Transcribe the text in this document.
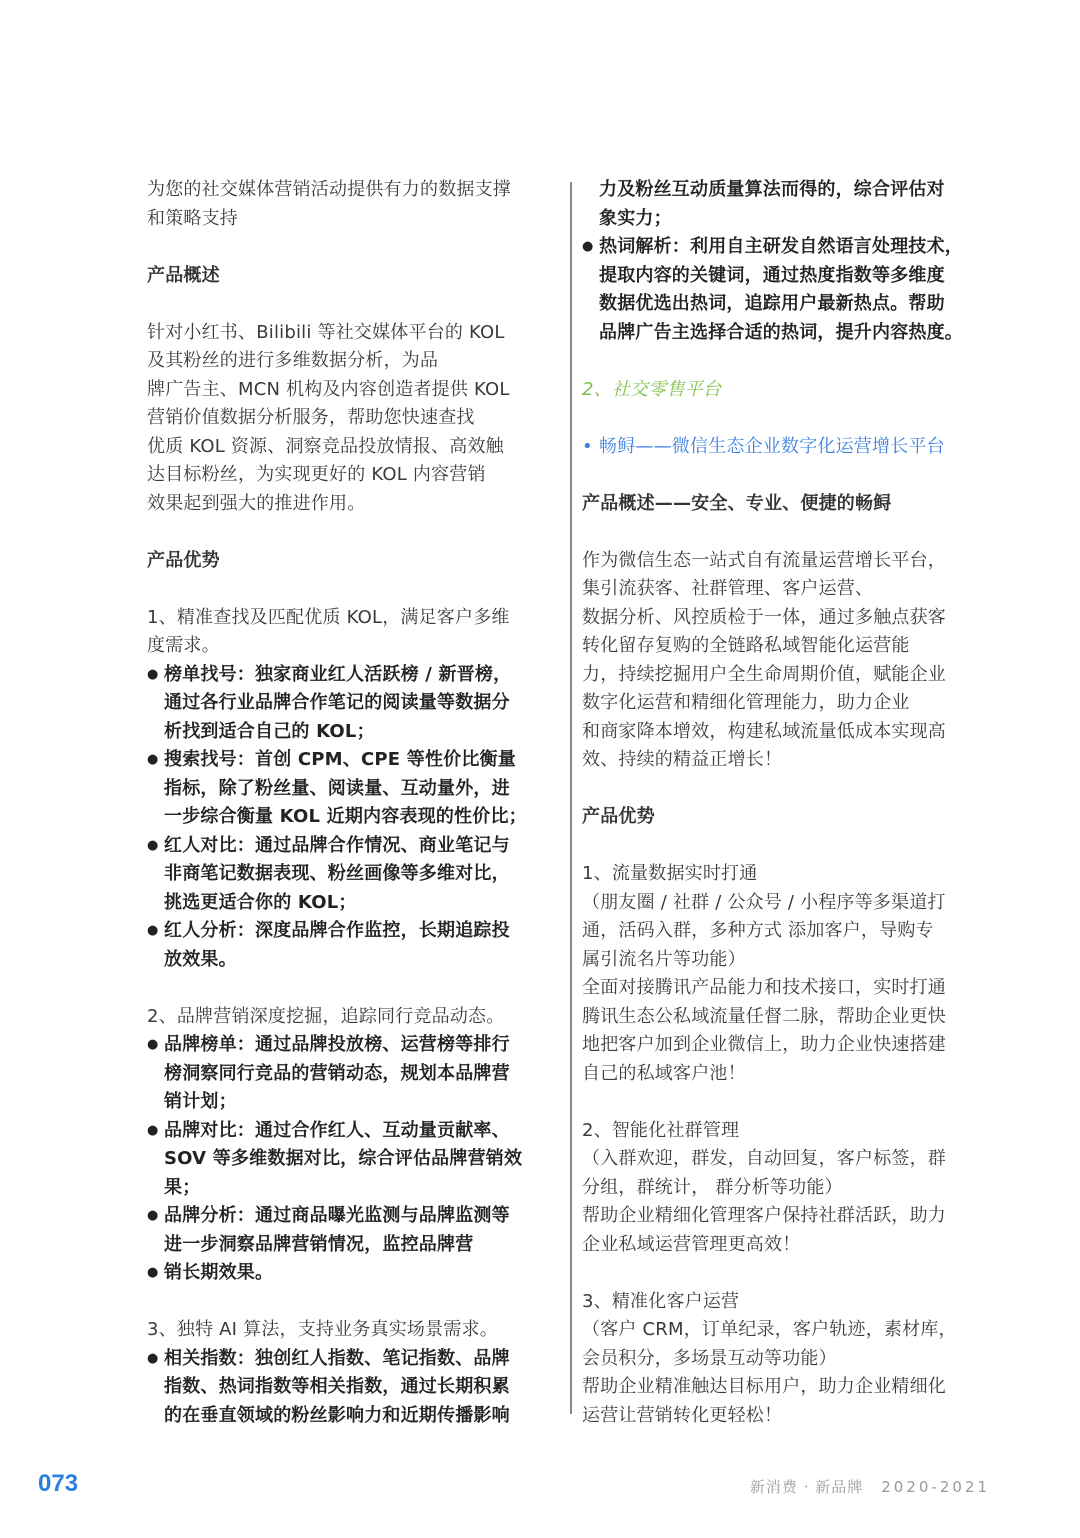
为您的社交媒体营销活动提供有力的数据支撑
和策略支持
产品概述
针对小红书、Bilibili 等社交媒体平台的 KOL
及其粉丝的进行多维数据分析，为品
牌广告主、MCN 机构及内容创造者提供 KOL
营销价值数据分析服务，帮助您快速查找
优质 KOL 资源、洞察竞品投放情报、高效触
达目标粉丝，为实现更好的 KOL 内容营销
效果起到强大的推进作用。
产品优势
1、精准查找及匹配优质 KOL，满足客户多维
度需求。
● 榜单找号：独家商业红人活跃榜 / 新晋榜，
通过各行业品牌合作笔记的阅读量等数据分
析找到适合自己的 KOL；
● 搜索找号：首创 CPM、CPE 等性价比衡量
指标，除了粉丝量、阅读量、互动量外，进
一步综合衡量 KOL 近期内容表现的性价比；
● 红人对比：通过品牌合作情况、商业笔记与
非商笔记数据表现、粉丝画像等多维对比，
挑选更适合你的 KOL；
● 红人分析：深度品牌合作监控，长期追踪投
放效果。
2、品牌营销深度挖掘，追踪同行竞品动态。
● 品牌榜单：通过品牌投放榜、运营榜等排行
榜洞察同行竞品的营销动态，规划本品牌营
销计划；
● 品牌对比：通过合作红人、互动量贡献率、
SOV 等多维数据对比，综合评估品牌营销效
果；
● 品牌分析：通过商品曝光监测与品牌监测等
进一步洞察品牌营销情况，监控品牌营
● 销长期效果。
3、独特 AI 算法，支持业务真实场景需求。
● 相关指数：独创红人指数、笔记指数、品牌
指数、热词指数等相关指数，通过长期积累
的在垂直领域的粉丝影响力和近期传播影响
力及粉丝互动质量算法而得的，综合评估对
象实力；
● 热词解析：利用自主研发自然语言处理技术，
提取内容的关键词，通过热度指数等多维度
数据优选出热词，追踪用户最新热点。帮助
品牌广告主选择合适的热词，提升内容热度。
2、社交零售平台
• 畅鲟——微信生态企业数字化运营增长平台
产品概述——安全、专业、便捷的畅鲟
作为微信生态一站式自有流量运营增长平台，
集引流获客、社群管理、客户运营、
数据分析、风控质检于一体，通过多触点获客
转化留存复购的全链路私域智能化运营能
力，持续挖掘用户全生命周期价值，赋能企业
数字化运营和精细化管理能力，助力企业
和商家降本增效，构建私域流量低成本实现高
效、持续的精益正增长！
产品优势
1、流量数据实时打通
（朋友圈 / 社群 / 公众号 / 小程序等多渠道打
通，活码入群，多种方式 添加客户，导购专
属引流名片等功能）
全面对接腾讯产品能力和技术接口，实时打通
腾讯生态公私域流量任督二脉，帮助企业更快
地把客户加到企业微信上，助力企业快速搭建
自己的私域客户池！
2、智能化社群管理
（入群欢迎，群发，自动回复，客户标签，群
分组，群统计， 群分析等功能）
帮助企业精细化管理客户保持社群活跃，助力
企业私域运营管理更高效！
3、精准化客户运营
（客户 CRM，订单纪录，客户轨迹，素材库，
会员积分，多场景互动等功能）
帮助企业精准触达目标用户，助力企业精细化
运营让营销转化更轻松！
073	新消费 · 新品牌 2020-2021
